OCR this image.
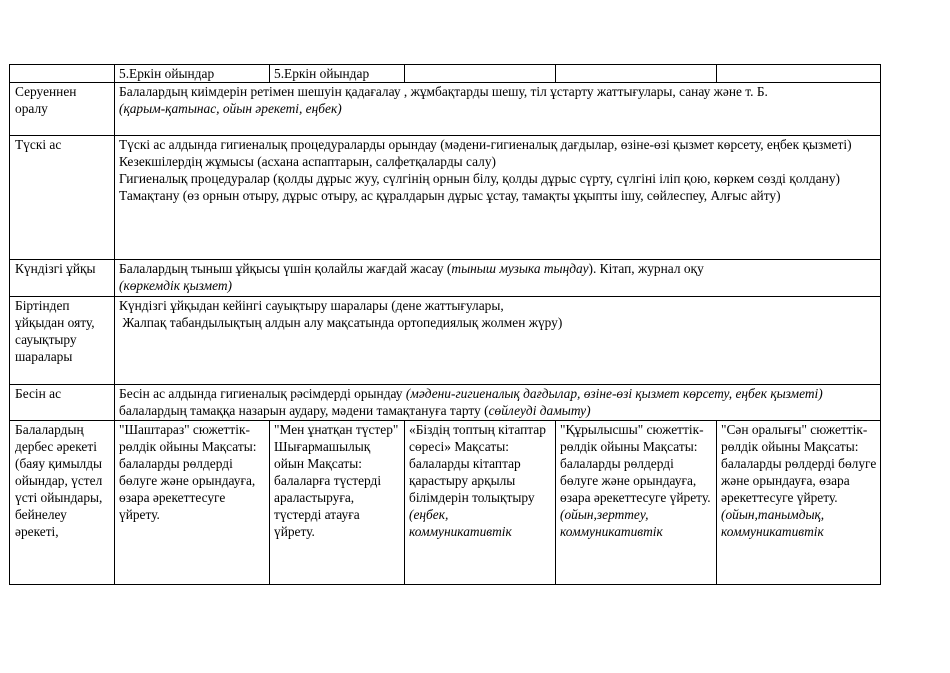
	5.Еркін ойындар	5.Еркін ойындар			
Серуеннен оралу	Балалардың киімдерін ретімен шешуін қадағалау , жұмбақтарды шешу, тіл ұстарту жаттығулары, санау және т. Б.
(қарым-қатынас, ойын әрекеті, еңбек)				
Түскі ас	Түскі ас алдында гигиеналық процедураларды орындау (мәдени-гигиеналық дағдылар, өзіне-өзі қызмет көрсету, еңбек қызметі)
Кезекшілердің жұмысы (асхана аспаптарын, салфетқаларды салу)
Гигиеналық процедуралар (қолды дұрыс жуу, сүлгінің орнын білу, қолды дұрыс сүрту, сүлгіні іліп қою, көркем сөзді қолдану)
Тамақтану (өз орнын отыру, дұрыс отыру, ас құралдарын дұрыс ұстау, тамақты ұқыпты ішу, сөйлеспеу, Алғыс айту)				

Күндізгі ұйқы	Балалардың тыныш ұйқысы үшін қолайлы жағдай жасау (тыныш музыка тыңдау). Кітап, журнал оқу
(көркемдік қызмет)				
Біртіндеп ұйқыдан ояту, сауықтыру шаралары	Күндізгі ұйқыдан кейінгі сауықтыру шаралары (дене жаттығулары,
Жалпақ табандылықтың алдын алу мақсатында ортопедиялық жолмен жүру)				

Бесін ас	Бесін ас алдында гигиеналық рәсімдерді орындау (мәдени-гигиеналық дағдылар, өзіне-өзі қызмет көрсету, еңбек қызметі) балалардың тамаққа назарын аудару, мәдени тамақтануға тарту (сөйлеуді дамыту)				
Балалардың дербес әрекеті (баяу қимылды ойындар, үстел үсті ойындары, бейнелеу әрекеті,	"Шаштараз" сюжеттік-рөлдік ойыны Мақсаты: балаларды рөлдерді бөлуге және орындауға, өзара әрекеттесуге үйрету.	"Мен ұнатқан түстер" Шығармашылық ойын Мақсаты: балаларға түстерді араластыруға, түстерді атауға үйрету.	«Біздің топтың кітаптар сөресі» Мақсаты: балаларды кітаптар қарастыру арқылы білімдерін толықтыру (еңбек, коммуникативтік	"Құрылысшы" сюжеттік-рөлдік ойыны Мақсаты: балаларды рөлдерді бөлуге және орындауға, өзара әрекеттесуге үйрету. (ойын,зерттеу, коммуникативтік	"Сән оралығы" сюжеттік-рөлдік ойыны Мақсаты: балаларды рөлдерді бөлуге және орындауға, өзара әрекеттесуге үйрету. (ойын,танымдық, коммуникативтік
